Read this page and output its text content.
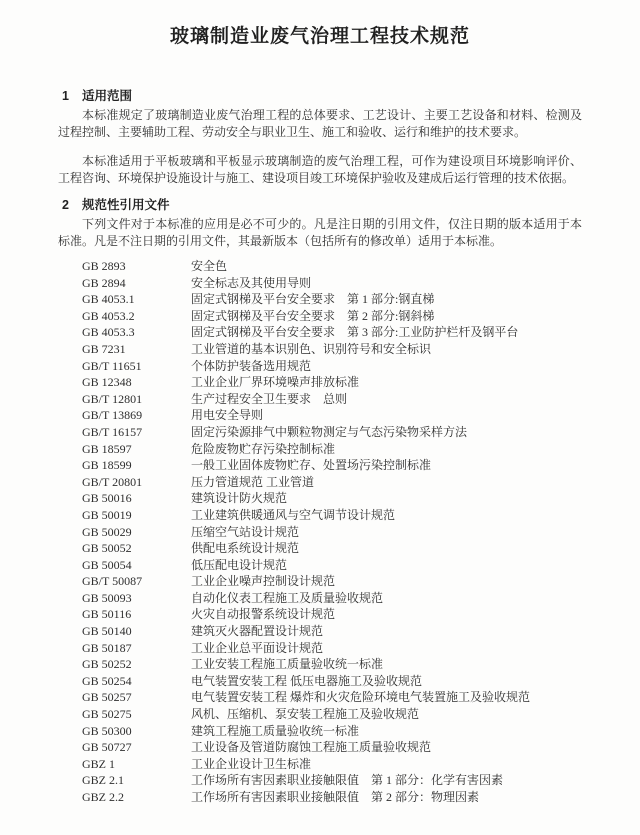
玻璃制造业废气治理工程技术规范
1 适用范围

本标准规定了玻璃制造业废气治理工程的总体要求、工艺设计、主要工艺设备和材料、检测及过程控制、主要辅助工程、劳动安全与职业卫生、施工和验收、运行和维护的技术要求。

本标准适用于平板玻璃和平板显示玻璃制造的废气治理工程，可作为建设项目环境影响评价、工程咨询、环境保护设施设计与施工、建设项目竣工环境保护验收及建成后运行管理的技术依据。

2 规范性引用文件

下列文件对于本标准的应用是必不可少的。凡是注日期的引用文件，仅注日期的版本适用于本标准。凡是不注日期的引用文件，其最新版本（包括所有的修改单）适用于本标准。

GB 2893	安全色
GB 2894	安全标志及其使用导则
GB 4053.1	固定式钢梯及平台安全要求　第 1 部分:钢直梯
GB 4053.2	固定式钢梯及平台安全要求　第 2 部分:钢斜梯
GB 4053.3	固定式钢梯及平台安全要求　第 3 部分:工业防护栏杆及钢平台
GB 7231	工业管道的基本识别色、识别符号和安全标识
GB/T 11651	个体防护装备选用规范
GB 12348	工业企业厂界环境噪声排放标准
GB/T 12801	生产过程安全卫生要求　总则
GB/T 13869	用电安全导则
GB/T 16157	固定污染源排气中颗粒物测定与气态污染物采样方法
GB 18597	危险废物贮存污染控制标准
GB 18599	一般工业固体废物贮存、处置场污染控制标准
GB/T 20801	压力管道规范 工业管道
GB 50016	建筑设计防火规范
GB 50019	工业建筑供暖通风与空气调节设计规范
GB 50029	压缩空气站设计规范
GB 50052	供配电系统设计规范
GB 50054	低压配电设计规范
GB/T 50087	工业企业噪声控制设计规范
GB 50093	自动化仪表工程施工及质量验收规范
GB 50116	火灾自动报警系统设计规范
GB 50140	建筑灭火器配置设计规范
GB 50187	工业企业总平面设计规范
GB 50252	工业安装工程施工质量验收统一标准
GB 50254	电气装置安装工程 低压电器施工及验收规范
GB 50257	电气装置安装工程 爆炸和火灾危险环境电气装置施工及验收规范
GB 50275	风机、压缩机、泵安装工程施工及验收规范
GB 50300	建筑工程施工质量验收统一标准
GB 50727	工业设备及管道防腐蚀工程施工质量验收规范
GBZ 1	工业企业设计卫生标准
GBZ 2.1	工作场所有害因素职业接触限值　第 1 部分：化学有害因素
GBZ 2.2	工作场所有害因素职业接触限值　第 2 部分：物理因素
